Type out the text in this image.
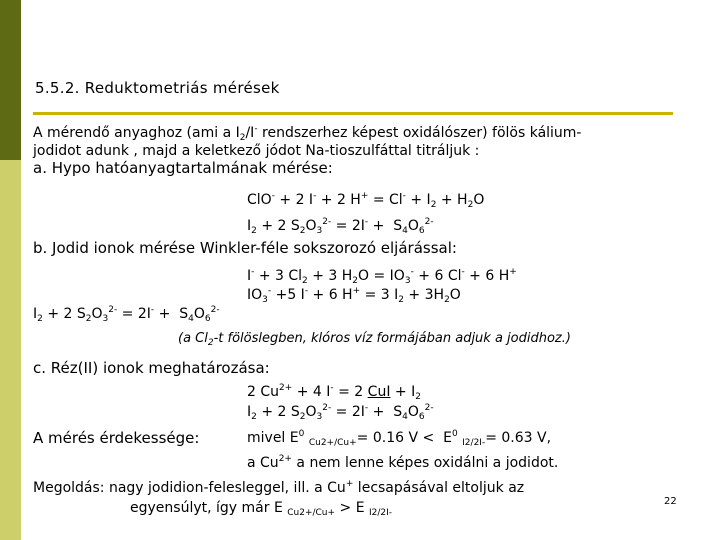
5.5.2. Reduktometriás mérések
A mérendő anyaghoz (ami a $I_2/I^-$ rendszerhez képest oxidálószer) fölös kálium-
jodidot adunk , majd a keletkező jódot Na-tioszulfáttal titráljuk :
a. Hypo hatóanyagtartalmának mérése:
ClO- + 2 I- + 2 $H^+ = Cl^- + I_2 + H_2O$
$I_2 + 2$ $S_2O_3^{2-} = 2I^- + S_4O_6^{2-}$
b. Jodid ionok mérése Winkler-féle sokszorozó eljárással:
I- + 3 $Cl_2 + 3$ $H_2O = IO_3^- + 6$ Cl- + 6 H+
$IO_3^- +5$ I- + 6 H+ = 3 $I_2 + 3H_2O$
$I_2 + 2$ $S_2O_3^{2-} = 2I^- + S_4O_6^{2-}$
(a $Cl_2-t$ fölöslegben, klóros víz formájában adjuk a jodidhoz.)
c. Réz(II) ionok meghatározása:
2 $Cu^{2+} + 4$ I- = 2 CuI + $I_2$
$I_2 + 2$ $S_2O_3^{2-} = 2I^- + S_4O_6^{2-}$
A mérés érdekessége:	mivel $E^0$ $_{Cu2+/Cu+}$= 0.16 $V < E^0$ $_{I2/2I-}$= 0.63 V,
a $Cu^{2+}$ a nem lenne képes oxidálni a jodidot.
Megoldás: nagy jodidion-felesleggel, ill. a Cu+ lecsapásával eltoljuk az
egyensúlyt, így már E $_{Cu2+/Cu+}$ > E $_{I2/2I-}$
22
